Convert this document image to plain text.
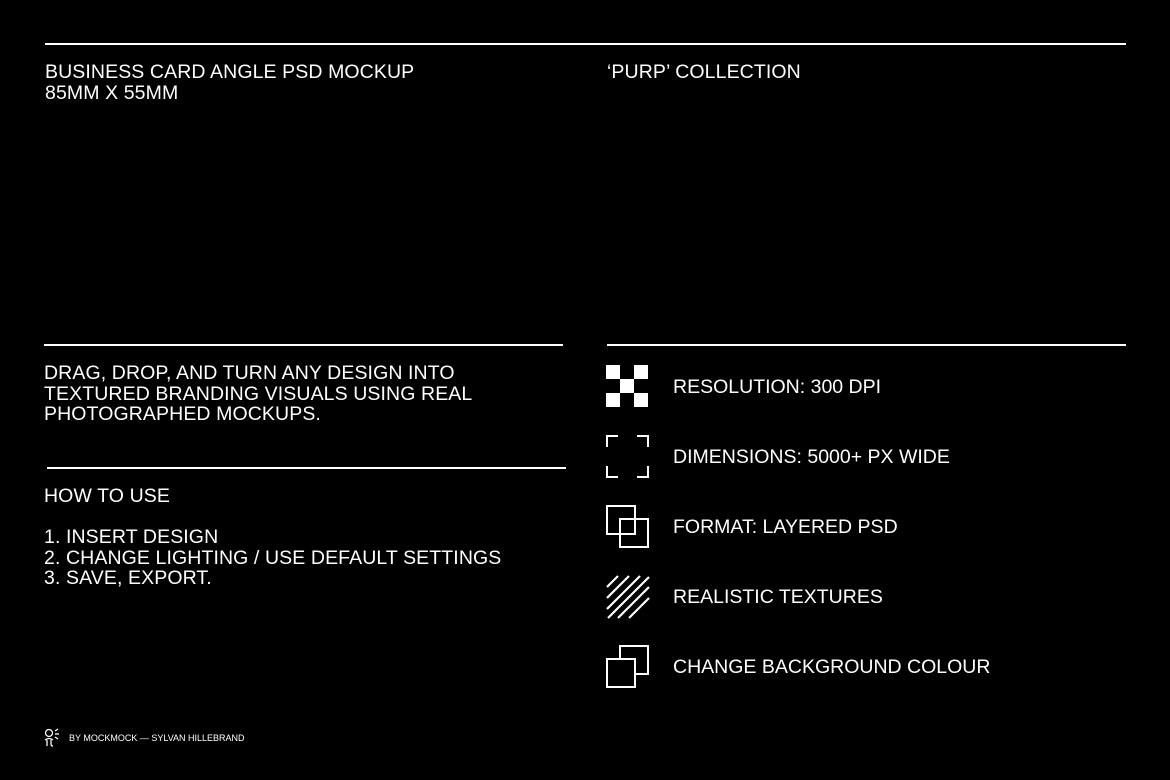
BUSINESS CARD ANGLE PSD MOCKUP
85MM X 55MM
‘PURP’ COLLECTION
DRAG, DROP, AND TURN ANY DESIGN INTO
TEXTURED BRANDING VISUALS USING REAL
PHOTOGRAPHED MOCKUPS.
HOW TO USE
1. INSERT DESIGN
2. CHANGE LIGHTING / USE DEFAULT SETTINGS
3. SAVE, EXPORT.
RESOLUTION: 300 DPI
DIMENSIONS: 5000+ PX WIDE
FORMAT: LAYERED PSD
REALISTIC TEXTURES
CHANGE BACKGROUND COLOUR
BY MOCKMOCK — SYLVAN HILLEBRAND
